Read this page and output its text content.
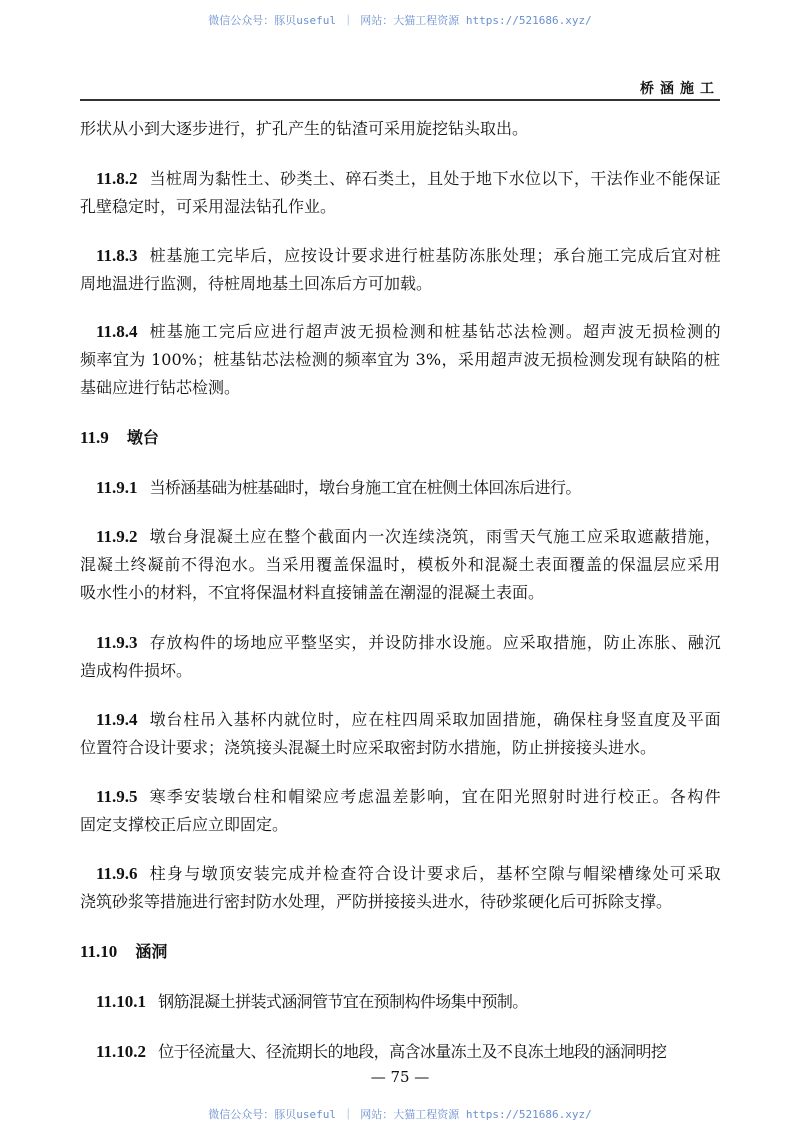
微信公众号：豚贝useful ｜ 网站：大猫工程资源 https://521686.xyz/
桥涵施工
形状从小到大逐步进行，扩孔产生的钻渣可采用旋挖钻头取出。
11.8.2 当桩周为黏性土、砂类土、碎石类土，且处于地下水位以下，干法作业不能保证
孔壁稳定时，可采用湿法钻孔作业。
11.8.3 桩基施工完毕后，应按设计要求进行桩基防冻胀处理；承台施工完成后宜对桩
周地温进行监测，待桩周地基土回冻后方可加载。
11.8.4 桩基施工完后应进行超声波无损检测和桩基钻芯法检测。超声波无损检测的
频率宜为 100%；桩基钻芯法检测的频率宜为 3%，采用超声波无损检测发现有缺陷的桩
基础应进行钻芯检测。
11.9 墩台
11.9.1 当桥涵基础为桩基础时，墩台身施工宜在桩侧土体回冻后进行。
11.9.2 墩台身混凝土应在整个截面内一次连续浇筑，雨雪天气施工应采取遮蔽措施，
混凝土终凝前不得泡水。当采用覆盖保温时，模板外和混凝土表面覆盖的保温层应采用
吸水性小的材料，不宜将保温材料直接铺盖在潮湿的混凝土表面。
11.9.3 存放构件的场地应平整坚实，并设防排水设施。应采取措施，防止冻胀、融沉
造成构件损坏。
11.9.4 墩台柱吊入基杯内就位时，应在柱四周采取加固措施，确保柱身竖直度及平面
位置符合设计要求；浇筑接头混凝土时应采取密封防水措施，防止拼接接头进水。
11.9.5 寒季安装墩台柱和帽梁应考虑温差影响，宜在阳光照射时进行校正。各构件
固定支撑校正后应立即固定。
11.9.6 柱身与墩顶安装完成并检查符合设计要求后，基杯空隙与帽梁槽缘处可采取
浇筑砂浆等措施进行密封防水处理，严防拼接接头进水，待砂浆硬化后可拆除支撑。
11.10 涵洞
11.10.1 钢筋混凝土拼装式涵洞管节宜在预制构件场集中预制。
11.10.2 位于径流量大、径流期长的地段，高含冰量冻土及不良冻土地段的涵洞明挖
— 75 —
微信公众号：豚贝useful ｜ 网站：大猫工程资源 https://521686.xyz/
